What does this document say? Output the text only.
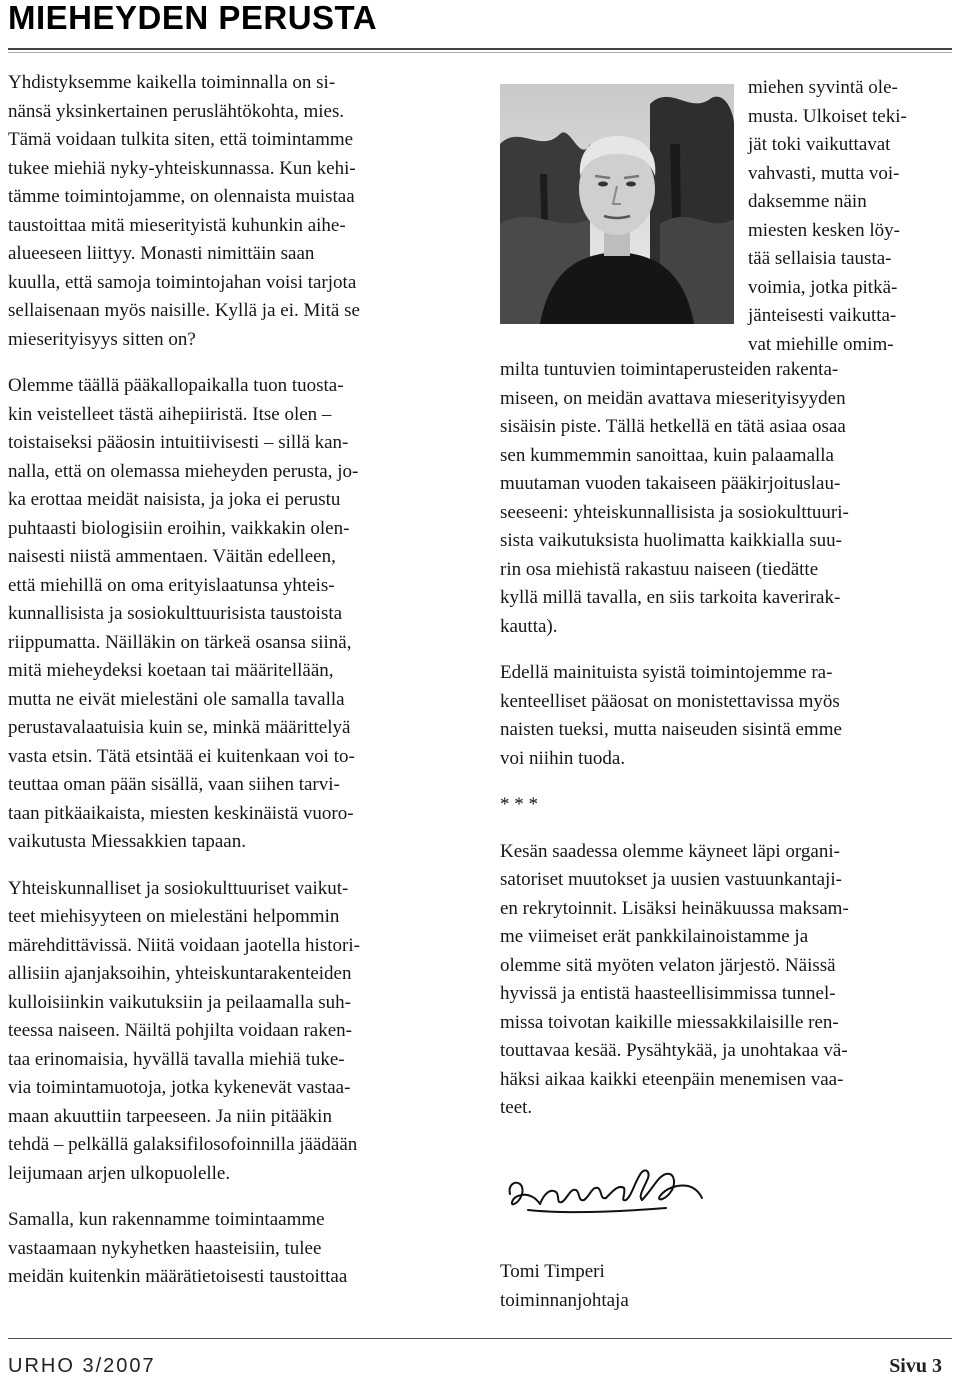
MIEHEYDEN PERUSTA
Yhdistyksemme kaikella toiminnalla on si-
nänsä yksinkertainen peruslähtökohta, mies.
Tämä voidaan tulkita siten, että toimintamme
tukee miehiä nyky-yhteiskunnassa. Kun kehi-
tämme toimintojamme, on olennaista muistaa
taustoittaa mitä mieserityistä kuhunkin aihe-
alueeseen liittyy. Monasti nimittäin saan
kuulla, että samoja toimintojahan voisi tarjota
sellaisenaan myös naisille. Kyllä ja ei. Mitä se
mieserityisyys sitten on?
Olemme täällä pääkallopaikalla tuon tuosta-
kin veistelleet tästä aihepiiristä. Itse olen –
toistaiseksi pääosin intuitiivisesti – sillä kan-
nalla, että on olemassa mieheyden perusta, jo-
ka erottaa meidät naisista, ja joka ei perustu
puhtaasti biologisiin eroihin, vaikkakin olen-
naisesti niistä ammentaen. Väitän edelleen,
että miehillä on oma erityislaatunsa yhteis-
kunnallisista ja sosiokulttuurisista taustoista
riippumatta. Näilläkin on tärkeä osansa siinä,
mitä mieheydeksi koetaan tai määritellään,
mutta ne eivät mielestäni ole samalla tavalla
perustavalaatuisia kuin se, minkä määrittelyä
vasta etsin. Tätä etsintää ei kuitenkaan voi to-
teuttaa oman pään sisällä, vaan siihen tarvi-
taan pitkäaikaista, miesten keskinäistä vuoro-
vaikutusta Miessakkien tapaan.
Yhteiskunnalliset ja sosiokulttuuriset vaikut-
teet miehisyyteen on mielestäni helpommin
märehdittävissä. Niitä voidaan jaotella histori-
allisiin ajanjaksoihin, yhteiskuntarakenteiden
kulloisiinkin vaikutuksiin ja peilaamalla suh-
teessa naiseen. Näiltä pohjilta voidaan raken-
taa erinomaisia, hyvällä tavalla miehiä tuke-
via toimintamuotoja, jotka kykenevät vastaa-
maan akuuttiin tarpeeseen. Ja niin pitääkin
tehdä – pelkällä galaksifilosofoinnilla jäädään
leijumaan arjen ulkopuolelle.
Samalla, kun rakennamme toimintaamme
vastaamaan nykyhetken haasteisiin, tulee
meidän kuitenkin määrätietoisesti taustoittaa
miehen syvintä ole-
musta. Ulkoiset teki-
jät toki vaikuttavat
vahvasti, mutta voi-
daksemme näin
miesten kesken löy-
tää sellaisia tausta-
voimia, jotka pitkä-
jänteisesti vaikutta-
vat miehille omim-
milta tuntuvien toimintaperusteiden rakenta-
miseen, on meidän avattava mieserityisyyden
sisäisin piste. Tällä hetkellä en tätä asiaa osaa
sen kummemmin sanoittaa, kuin palaamalla
muutaman vuoden takaiseen pääkirjoituslau-
seeseeni: yhteiskunnallisista ja sosiokulttuuri-
sista vaikutuksista huolimatta kaikkialla suu-
rin osa miehistä rakastuu naiseen (tiedätte
kyllä millä tavalla, en siis tarkoita kaverirak-
kautta).
Edellä mainituista syistä toimintojemme ra-
kenteelliset pääosat on monistettavissa myös
naisten tueksi, mutta naiseuden sisintä emme
voi niihin tuoda.
* * *
Kesän saadessa olemme käyneet läpi organi-
satoriset muutokset ja uusien vastuunkantaji-
en rekrytoinnit. Lisäksi heinäkuussa maksam-
me viimeiset erät pankkilainoistamme ja
olemme sitä myöten velaton järjestö. Näissä
hyvissä ja entistä haasteellisimmissa tunnel-
missa toivotan kaikille miessakkilaisille ren-
touttavaa kesää. Pysähtykää, ja unohtakaa vä-
häksi aikaa kaikki eteenpäin menemisen vaa-
teet.
Tomi Timperi
toiminnanjohtaja
URHO 3/2007	Sivu 3
